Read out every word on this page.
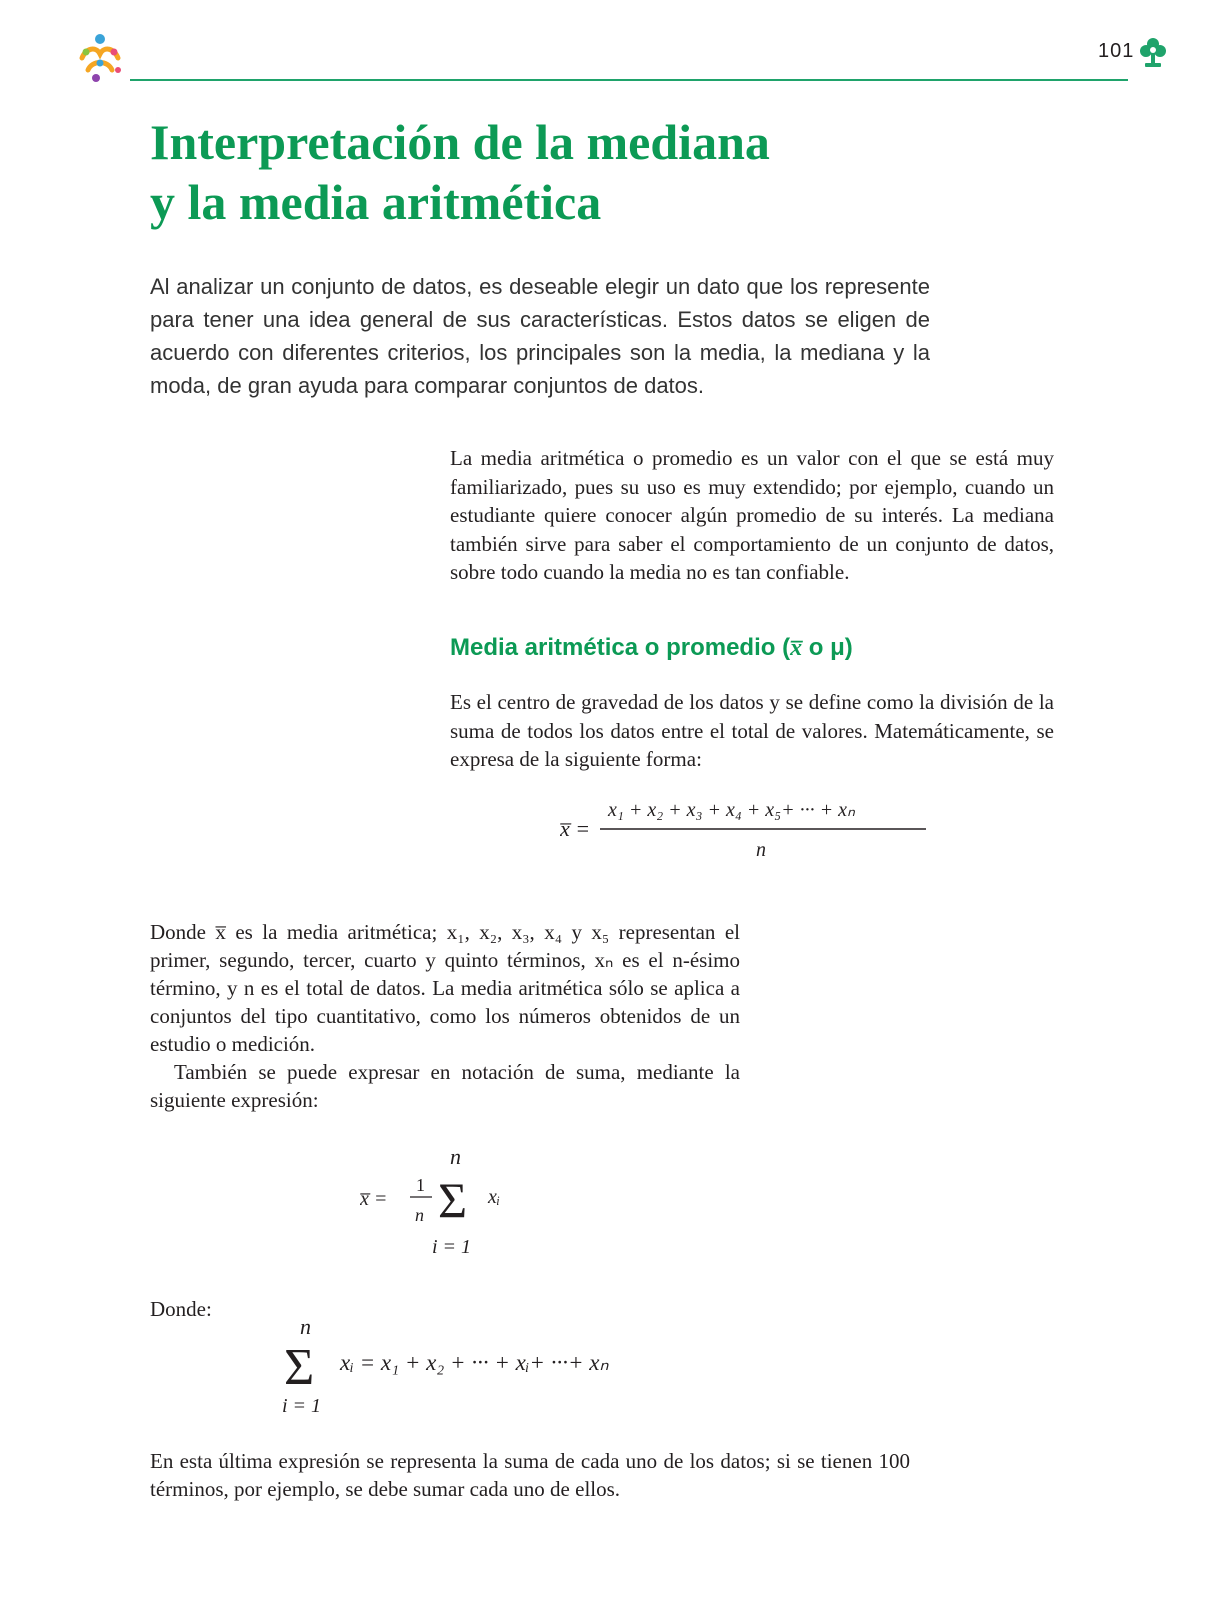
101
Interpretación de la mediana
y la media aritmética

Al analizar un conjunto de datos, es deseable elegir un dato que los represente para tener una idea general de sus características. Estos datos se eligen de acuerdo con diferentes criterios, los principales son la media, la mediana y la moda, de gran ayuda para comparar conjuntos de datos.

La media aritmética o promedio es un valor con el que se está muy familiarizado, pues su uso es muy extendido; por ejemplo, cuando un estudiante quiere conocer algún promedio de su interés. La mediana también sirve para saber el comportamiento de un conjunto de datos, sobre todo cuando la media no es tan confiable.

Media aritmética o promedio (x̅ o μ)

Es el centro de gravedad de los datos y se define como la división de la suma de todos los datos entre el total de valores. Matemáticamente, se expresa de la siguiente forma:

x̅ =
x₁ + x₂ + x₃ + x₄ + x₅+ ··· + xₙ
n

Donde x̅ es la media aritmética; x₁, x₂, x₃, x₄ y x₅ representan el primer, segundo, tercer, cuarto y quinto términos, xₙ es el n-ésimo término, y n es el total de datos. La media aritmética sólo se aplica a conjuntos del tipo cuantitativo, como los números obtenidos de un estudio o medición.

También se puede expresar en notación de suma, mediante la siguiente expresión:

x̅ =
1
n
n
Σ xᵢ
i = 1
Donde:
n
Σ
i = 1
xᵢ = x₁ + x₂ + ··· + xᵢ+ ···+ xₙ

En esta última expresión se representa la suma de cada uno de los datos; si se tienen 100 términos, por ejemplo, se debe sumar cada uno de ellos.
